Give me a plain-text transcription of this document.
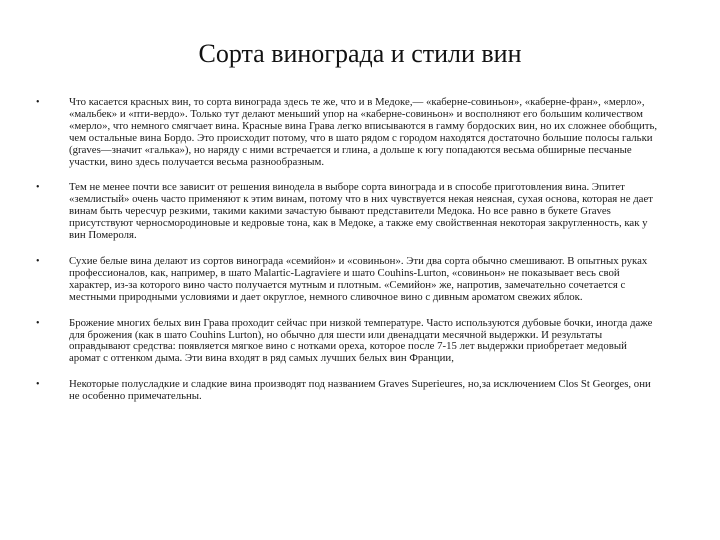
Сорта винограда и стили вин
•	Что касается красных вин, то сорта винограда здесь те же, что и в Медоке,— «каберне-совиньон», «каберне-фран», «мерло», «мальбек» и «пти-вердо». Только тут делают меньший упор на «каберне-совиньон» и восполняют его большим количеством «мерло», что немного смягчает вина. Красные вина Грава легко вписываются в гамму бордоских вин, но их сложнее обобщить, чем остальные вина Бордо. Это происходит потому, что в шато рядом с городом находятся достаточно большие полосы гальки (graves—значит «галька»), но наряду с ними встречается и глина, а дольше к югу попадаются весьма обширные песчаные участки, вино здесь получается весьма разнообразным.
•	Тем не менее почти все зависит от решения винодела в выборе сорта винограда и в способе приготовления вина. Эпитет «землистый» очень часто применяют к этим винам, потому что в них чувствуется некая неясная, сухая основа, которая не дает винам быть чересчур резкими, такими какими зачастую бывают представители Медока. Но все равно в букете Graves присутствуют черносмородиновые и кедровые тона, как в Медоке, а также ему свойственная некоторая закругленность, как у вин Помероля.
•	Сухие белые вина делают из сортов винограда «семийон» и «совиньон». Эти два сорта обычно смешивают. В опытных руках профессионалов, как, например, в шато Malartic-Lagraviere и шато Couhins-Lurton, «совиньон» не показывает весь свой характер, из-за которого вино часто получается мутным и плотным. «Семийон» же, напротив, замечательно сочетается с местными природными условиями и дает округлое, немного сливочное вино с дивным ароматом свежих яблок.
•	Брожение многих белых вин Грава проходит сейчас при низкой температуре. Часто используются дубовые бочки, иногда даже для брожения (как в шато Couhins Lurton), но обычно для шести или двенадцати месячной выдержки. И результаты оправдывают средства: появляется мягкое вино с нотками ореха, которое после 7-15 лет выдержки приобретает медовый аромат с оттенком дыма. Эти вина входят в ряд самых лучших белых вин Франции,
•	Некоторые полусладкие и сладкие вина производят под названием Graves Superieures, но,за исключением Clos St Georges, они не особенно примечательны.
